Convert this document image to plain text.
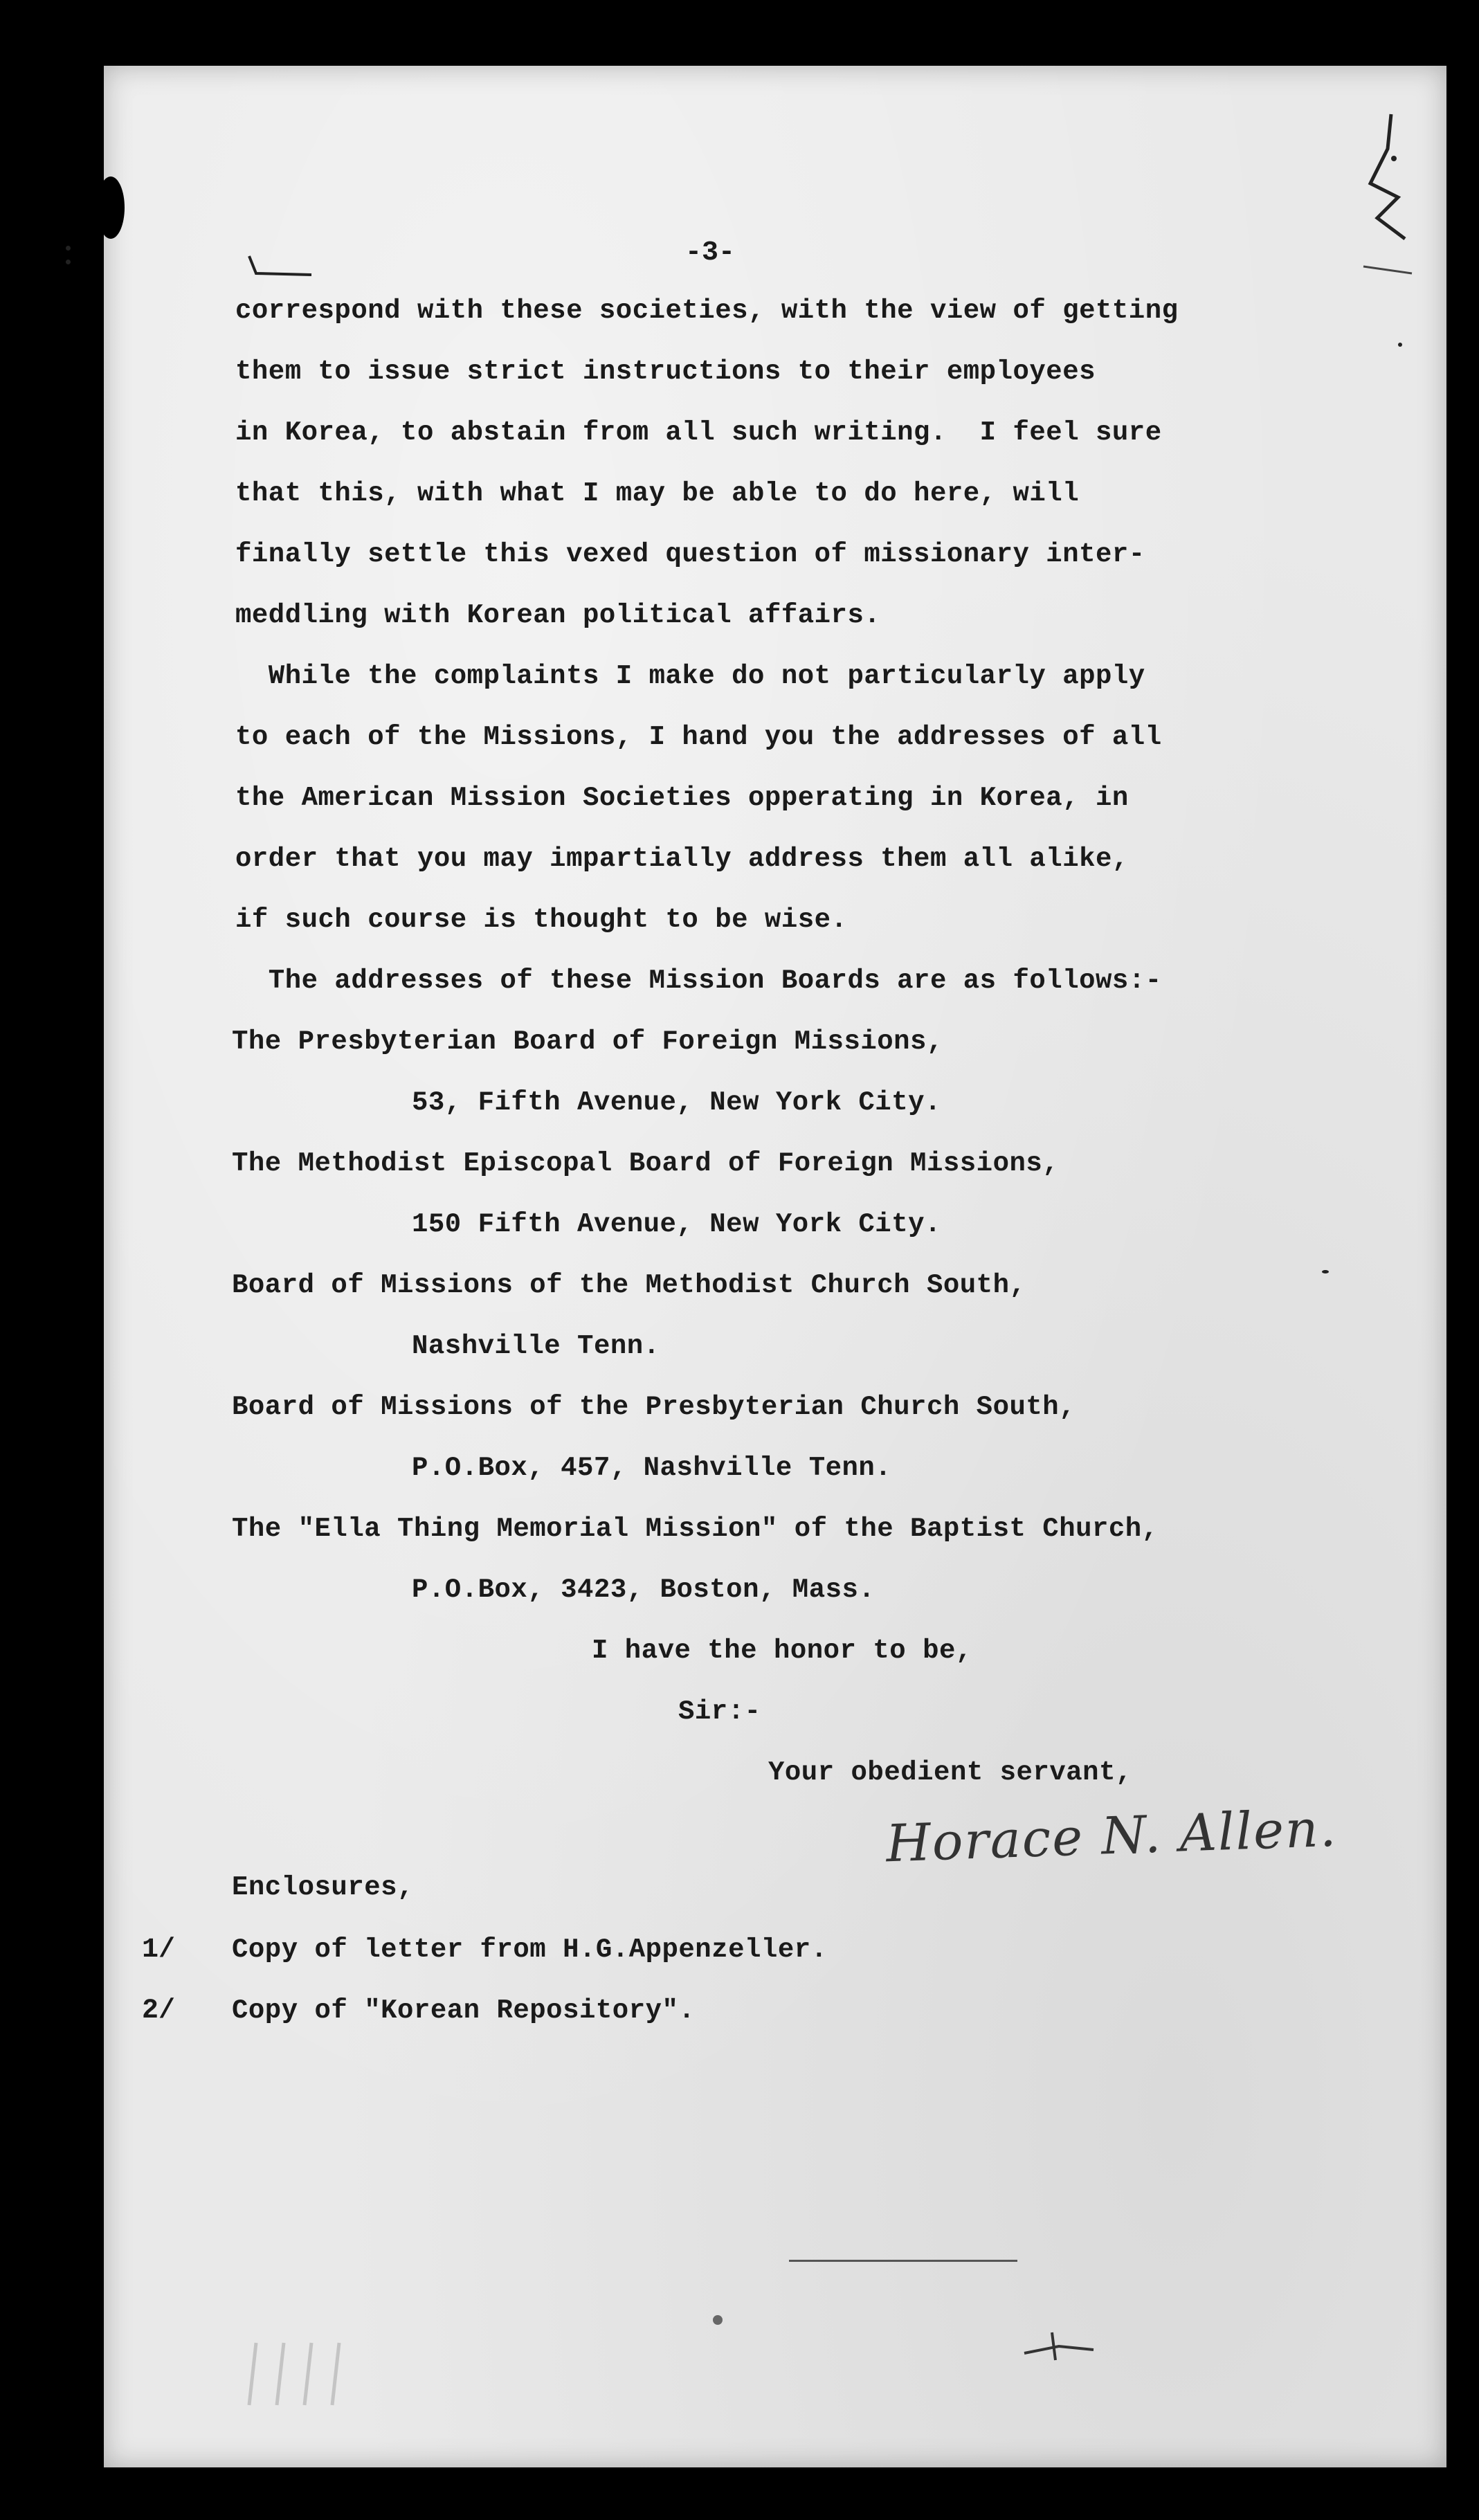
-3-
correspond with these societies, with the view of getting
them to issue strict instructions to their employees
in Korea, to abstain from all such writing.  I feel sure
that this, with what I may be able to do here, will
finally settle this vexed question of missionary inter-
meddling with Korean political affairs.
While the complaints I make do not particularly apply
to each of the Missions, I hand you the addresses of all
the American Mission Societies opperating in Korea, in
order that you may impartially address them all alike,
if such course is thought to be wise.
The addresses of these Mission Boards are as follows:-
The Presbyterian Board of Foreign Missions,
53, Fifth Avenue, New York City.
The Methodist Episcopal Board of Foreign Missions,
150 Fifth Avenue, New York City.
Board of Missions of the Methodist Church South,
Nashville Tenn.
Board of Missions of the Presbyterian Church South,
P.O.Box, 457, Nashville Tenn.
The "Ella Thing Memorial Mission" of the Baptist Church,
P.O.Box, 3423, Boston, Mass.
I have the honor to be,
Sir:-
Your obedient servant,
Horace N. Allen.
Enclosures,
1/ Copy of letter from H.G.Appenzeller.
2/ Copy of "Korean Repository".
